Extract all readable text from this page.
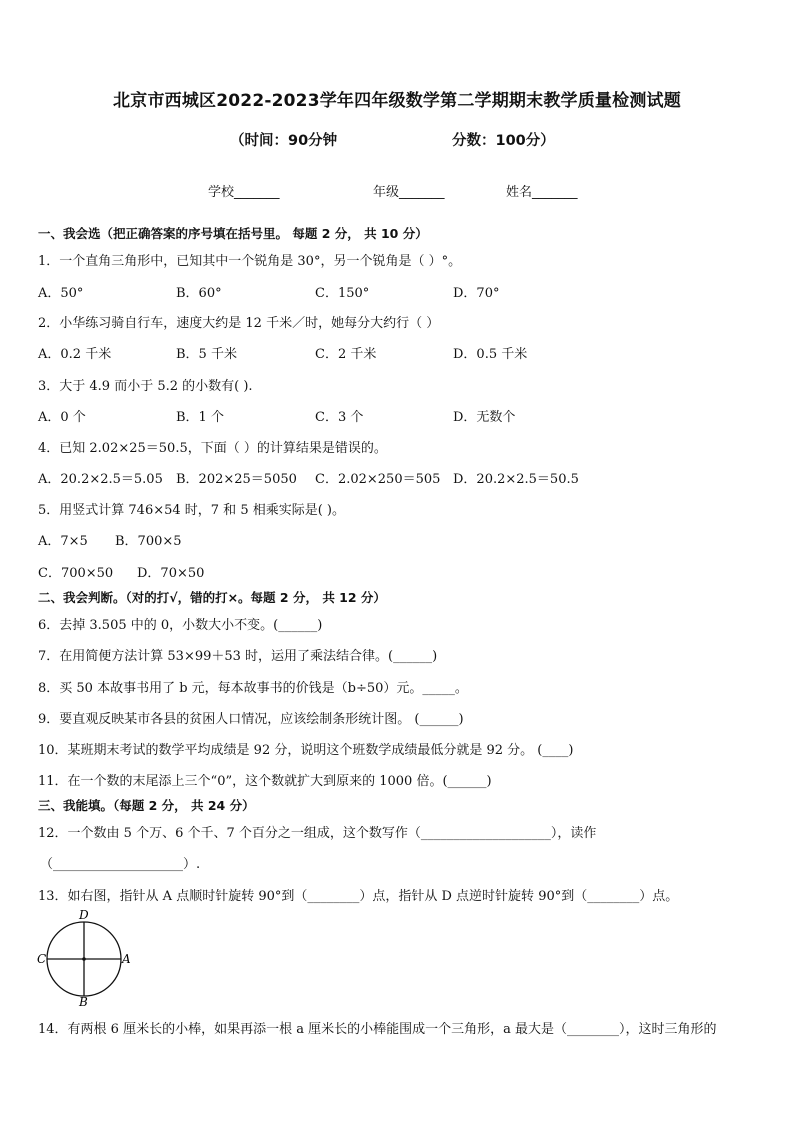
北京市西城区2022-2023学年四年级数学第二学期期末教学质量检测试题
（时间：90分钟	分数：100分）
学校_______	年级_______	姓名_______
一、我会选（把正确答案的序号填在括号里。 每题 2 分， 共 10 分）
1．一个直角三角形中，已知其中一个锐角是 30°，另一个锐角是（ ）°。
A．50°	B．60°	C．150°	D．70°
2．小华练习骑自行车，速度大约是 12 千米／时，她每分大约行（ ）
A．0.2 千米	B．5 千米	C．2 千米	D．0.5 千米
3．大于 4.9 而小于 5.2 的小数有( ).
A．0 个	B．1 个	C．3 个	D．无数个
4．已知 2.02×25＝50.5，下面（ ）的计算结果是错误的。
A．20.2×2.5＝5.05 B．202×25＝5050 C．2.02×250＝505 D．20.2×2.5＝50.5
5．用竖式计算 746×54 时，7 和 5 相乘实际是( )。
A．7×5 B．700×5
C．700×50 D．70×50
二、我会判断。（对的打√，错的打×。每题 2 分， 共 12 分）
6．去掉 3.505 中的 0，小数大小不变。(______)
7．在用简便方法计算 53×99＋53 时，运用了乘法结合律。(______)
8．买 50 本故事书用了 b 元，每本故事书的价钱是（b÷50）元。_____。
9．要直观反映某市各县的贫困人口情况，应该绘制条形统计图。 (______)
10．某班期末考试的数学平均成绩是 92 分，说明这个班数学成绩最低分就是 92 分。 (____)
11．在一个数的末尾添上三个“0”，这个数就扩大到原来的 1000 倍。(______)
三、我能填。（每题 2 分， 共 24 分）
12．一个数由 5 个万、6 个千、7 个百分之一组成，这个数写作（____________________），读作
（____________________）.
13．如右图，指针从 A 点顺时针旋转 90°到（________）点，指针从 D 点逆时针旋转 90°到（________）点。
D
B
C	A
14．有两根 6 厘米长的小棒，如果再添一根 a 厘米长的小棒能围成一个三角形，a 最大是（________），这时三角形的
